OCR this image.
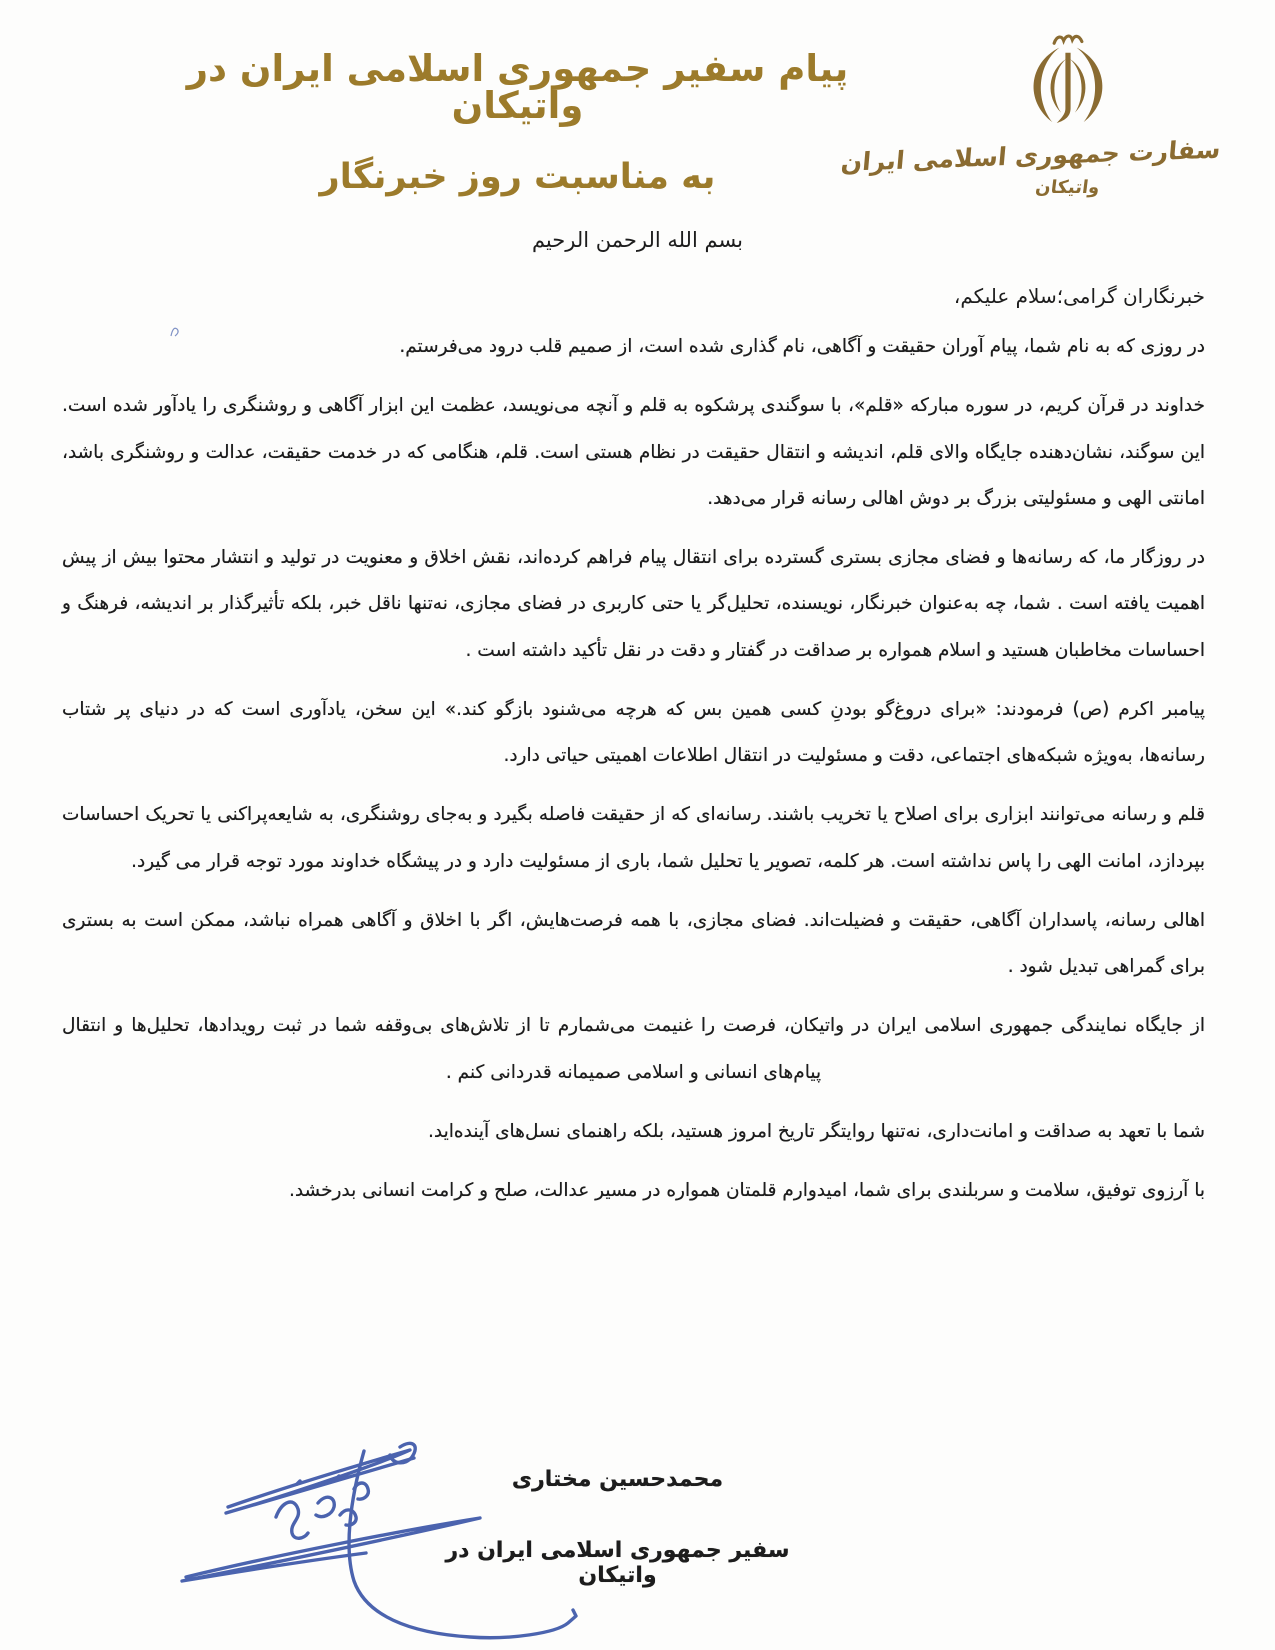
سفارت جمهوری اسلامی ایران
واتیکان
پیام سفیر جمهوری اسلامی ایران در واتیکان
به مناسبت روز خبرنگار
بسم الله الرحمن الرحیم
خبرنگاران گرامی؛سلام علیکم،

در روزی که به نام شما، پیام آوران حقیقت و آگاهی، نام گذاری شده است، از صمیم قلب درود می‌فرستم.

خداوند در قرآن کریم، در سوره مبارکه «قلم»، با سوگندی پرشکوه به قلم و آنچه می‌نویسد، عظمت این ابزار آگاهی و روشنگری را یادآور شده است. این سوگند، نشان‌دهنده جایگاه والای قلم، اندیشه و انتقال حقیقت در نظام هستی است. قلم، هنگامی که در خدمت حقیقت، عدالت و روشنگری باشد، امانتی الهی و مسئولیتی بزرگ بر دوش اهالی رسانه قرار می‌دهد.

در روزگار ما، که رسانه‌ها و فضای مجازی بستری گسترده برای انتقال پیام فراهم کرده‌اند، نقش اخلاق و معنویت در تولید و انتشار محتوا بیش از پیش اهمیت یافته است . شما، چه به‌عنوان خبرنگار، نویسنده، تحلیل‌گر یا حتی کاربری در فضای مجازی، نه‌تنها ناقل خبر، بلکه تأثیرگذار بر اندیشه، فرهنگ و احساسات مخاطبان هستید و اسلام همواره بر صداقت در گفتار و دقت در نقل تأکید داشته است .

پیامبر اکرم (ص) فرمودند: «برای دروغ‌گو بودنِ کسی همین بس که هرچه می‌شنود بازگو کند.» این سخن، یادآوری است که در دنیای پر شتاب رسانه‌ها، به‌ویژه شبکه‌های اجتماعی، دقت و مسئولیت در انتقال اطلاعات اهمیتی حیاتی دارد.

قلم و رسانه می‌توانند ابزاری برای اصلاح یا تخریب باشند. رسانه‌ای که از حقیقت فاصله بگیرد و به‌جای روشنگری، به شایعه‌پراکنی یا تحریک احساسات بپردازد، امانت الهی را پاس نداشته است. هر کلمه، تصویر یا تحلیل شما، باری از مسئولیت دارد و در پیشگاه خداوند مورد توجه قرار می گیرد.

اهالی رسانه، پاسداران آگاهی، حقیقت و فضیلت‌اند. فضای مجازی، با همه فرصت‌هایش، اگر با اخلاق و آگاهی همراه نباشد، ممکن است به بستری برای گمراهی تبدیل شود .

از جایگاه نمایندگی جمهوری اسلامی ایران در واتیکان، فرصت را غنیمت می‌شمارم تا از تلاش‌های بی‌وقفه شما در ثبت رویدادها، تحلیل‌ها و انتقال پیام‌های انسانی و اسلامی صمیمانه قدردانی کنم .

شما با تعهد به صداقت و امانت‌داری، نه‌تنها روایتگر تاریخ امروز هستید، بلکه راهنمای نسل‌های آینده‌اید.

با آرزوی توفیق، سلامت و سربلندی برای شما، امیدوارم قلمتان همواره در مسیر عدالت، صلح و کرامت انسانی بدرخشد.

محمدحسین مختاری
سفیر جمهوری اسلامی ایران در واتیکان
